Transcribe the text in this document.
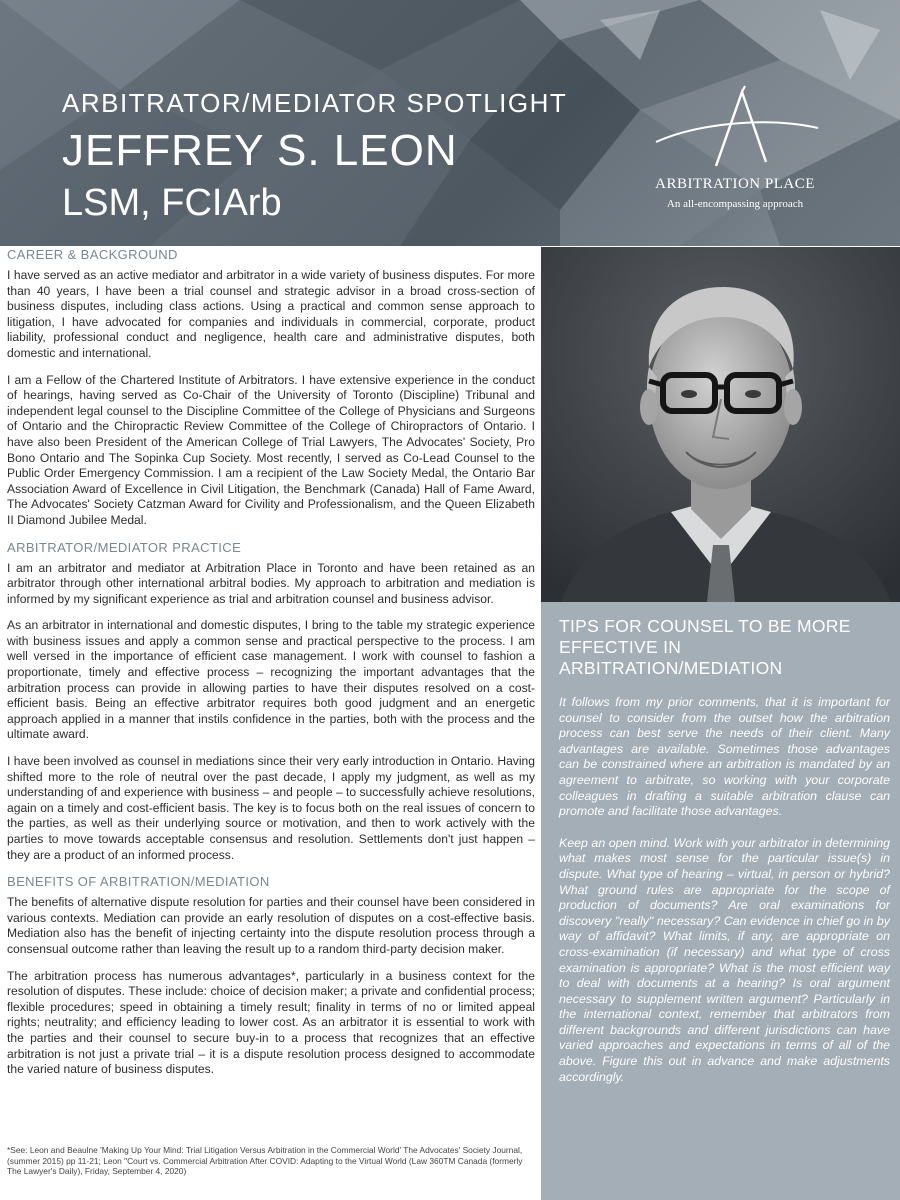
ARBITRATOR/MEDIATOR SPOTLIGHT
JEFFREY S. LEON
LSM, FCIArb	ARBITRATION PLACE
An all-encompassing approach
CAREER & BACKGROUND

I have served as an active mediator and arbitrator in a wide variety of business disputes. For more than 40 years, I have been a trial counsel and strategic advisor in a broad cross-section of business disputes, including class actions. Using a practical and common sense approach to litigation, I have advocated for companies and individuals in commercial, corporate, product liability, professional conduct and negligence, health care and administrative disputes, both domestic and international.

I am a Fellow of the Chartered Institute of Arbitrators. I have extensive experience in the conduct of hearings, having served as Co-Chair of the University of Toronto (Discipline) Tribunal and independent legal counsel to the Discipline Committee of the College of Physicians and Surgeons of Ontario and the Chiropractic Review Committee of the College of Chiropractors of Ontario. I have also been President of the American College of Trial Lawyers, The Advocates' Society, Pro Bono Ontario and The Sopinka Cup Society. Most recently, I served as Co-Lead Counsel to the Public Order Emergency Commission. I am a recipient of the Law Society Medal, the Ontario Bar Association Award of Excellence in Civil Litigation, the Benchmark (Canada) Hall of Fame Award, The Advocates' Society Catzman Award for Civility and Professionalism, and the Queen Elizabeth II Diamond Jubilee Medal.

ARBITRATOR/MEDIATOR PRACTICE

I am an arbitrator and mediator at Arbitration Place in Toronto and have been retained as an arbitrator through other international arbitral bodies. My approach to arbitration and mediation is informed by my significant experience as trial and arbitration counsel and business advisor.

As an arbitrator in international and domestic disputes, I bring to the table my strategic experience with business issues and apply a common sense and practical perspective to the process. I am well versed in the importance of efficient case management. I work with counsel to fashion a proportionate, timely and effective process – recognizing the important advantages that the arbitration process can provide in allowing parties to have their disputes resolved on a cost-efficient basis. Being an effective arbitrator requires both good judgment and an energetic approach applied in a manner that instils confidence in the parties, both with the process and the ultimate award.

I have been involved as counsel in mediations since their very early introduction in Ontario. Having shifted more to the role of neutral over the past decade, I apply my judgment, as well as my understanding of and experience with business – and people – to successfully achieve resolutions, again on a timely and cost-efficient basis. The key is to focus both on the real issues of concern to the parties, as well as their underlying source or motivation, and then to work actively with the parties to move towards acceptable consensus and resolution. Settlements don't just happen – they are a product of an informed process.

BENEFITS OF ARBITRATION/MEDIATION

The benefits of alternative dispute resolution for parties and their counsel have been considered in various contexts. Mediation can provide an early resolution of disputes on a cost-effective basis. Mediation also has the benefit of injecting certainty into the dispute resolution process through a consensual outcome rather than leaving the result up to a random third-party decision maker.

The arbitration process has numerous advantages*, particularly in a business context for the resolution of disputes. These include: choice of decision maker; a private and confidential process; flexible procedures; speed in obtaining a timely result; finality in terms of no or limited appeal rights; neutrality; and efficiency leading to lower cost. As an arbitrator it is essential to work with the parties and their counsel to secure buy-in to a process that recognizes that an effective arbitration is not just a private trial – it is a dispute resolution process designed to accommodate the varied nature of business disputes.

*See: Leon and Beaulne 'Making Up Your Mind: Trial Litigation Versus Arbitration in the Commercial World' The Advocates' Society Journal, (summer 2015) pp 11-21; Leon "Court vs. Commercial Arbitration After COVID: Adapting to the Virtual World (Law 360TM Canada (formerly The Lawyer's Daily), Friday, September 4, 2020)
TIPS FOR COUNSEL TO BE MORE
EFFECTIVE IN
ARBITRATION/MEDIATION

It follows from my prior comments, that it is important for counsel to consider from the outset how the arbitration process can best serve the needs of their client. Many advantages are available. Sometimes those advantages can be constrained where an arbitration is mandated by an agreement to arbitrate, so working with your corporate colleagues in drafting a suitable arbitration clause can promote and facilitate those advantages.

Keep an open mind. Work with your arbitrator in determining what makes most sense for the particular issue(s) in dispute. What type of hearing – virtual, in person or hybrid? What ground rules are appropriate for the scope of production of documents? Are oral examinations for discovery "really" necessary? Can evidence in chief go in by way of affidavit? What limits, if any, are appropriate on cross-examination (if necessary) and what type of cross examination is appropriate? What is the most efficient way to deal with documents at a hearing? Is oral argument necessary to supplement written argument? Particularly in the international context, remember that arbitrators from different backgrounds and different jurisdictions can have varied approaches and expectations in terms of all of the above. Figure this out in advance and make adjustments accordingly.
